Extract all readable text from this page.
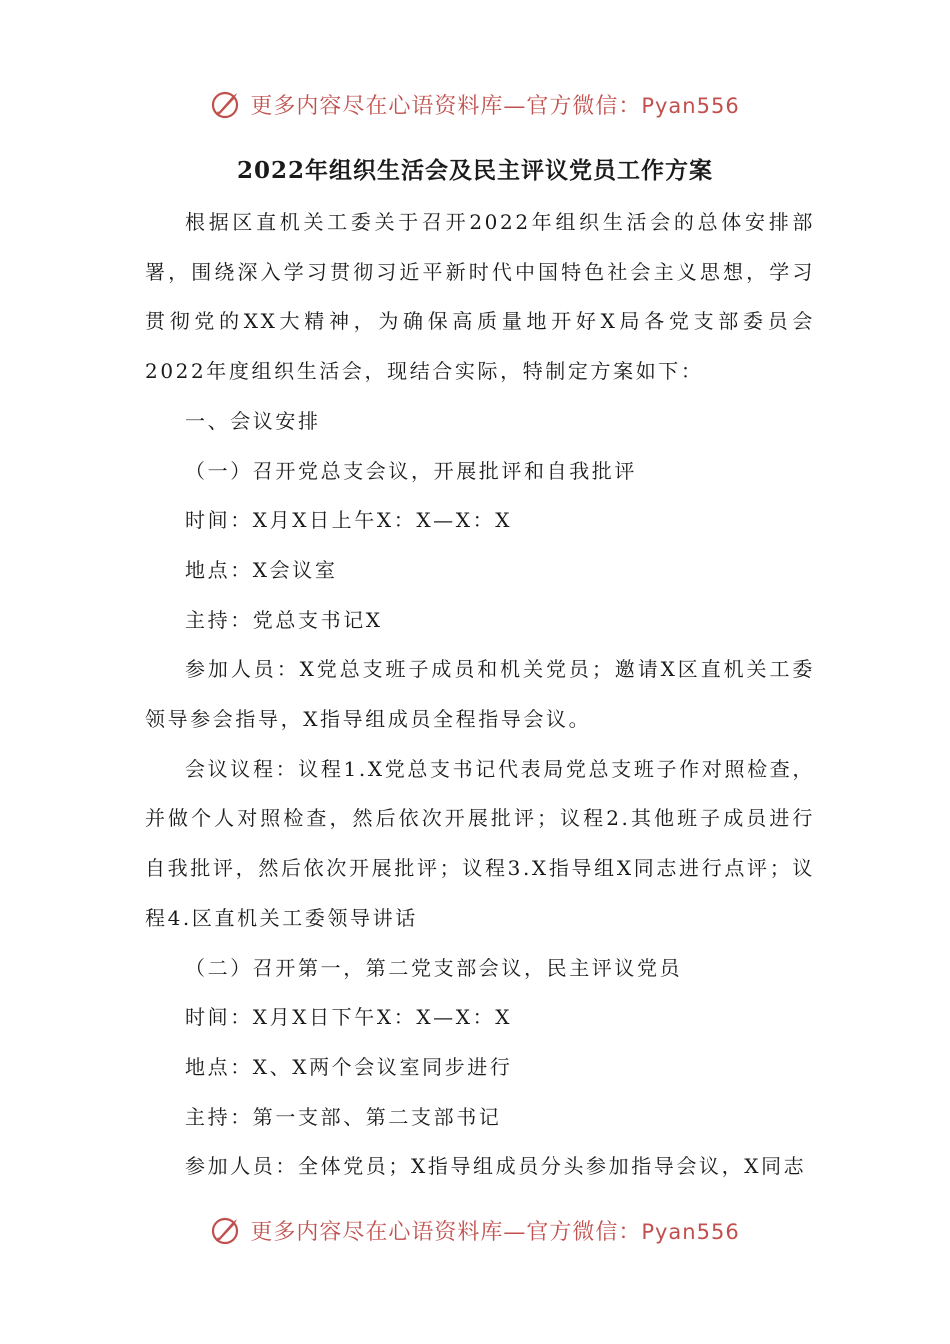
更多内容尽在心语资料库—官方微信：Pyan556
2022年组织生活会及民主评议党员工作方案

根据区直机关工委关于召开2022年组织生活会的总体安排部署，围绕深入学习贯彻习近平新时代中国特色社会主义思想，学习贯彻党的XX大精神，为确保高质量地开好X局各党支部委员会2022年度组织生活会，现结合实际，特制定方案如下：

一、会议安排

（一）召开党总支会议，开展批评和自我批评

时间：X月X日上午X：X—X：X

地点：X会议室

主持：党总支书记X

参加人员：X党总支班子成员和机关党员；邀请X区直机关工委领导参会指导，X指导组成员全程指导会议。

会议议程：议程1.X党总支书记代表局党总支班子作对照检查，并做个人对照检查，然后依次开展批评；议程2.其他班子成员进行自我批评，然后依次开展批评；议程3.X指导组X同志进行点评；议程4.区直机关工委领导讲话

（二）召开第一，第二党支部会议，民主评议党员

时间：X月X日下午X：X—X：X

地点：X、X两个会议室同步进行

主持：第一支部、第二支部书记

参加人员：全体党员；X指导组成员分头参加指导会议，X同志

更多内容尽在心语资料库—官方微信：Pyan556
